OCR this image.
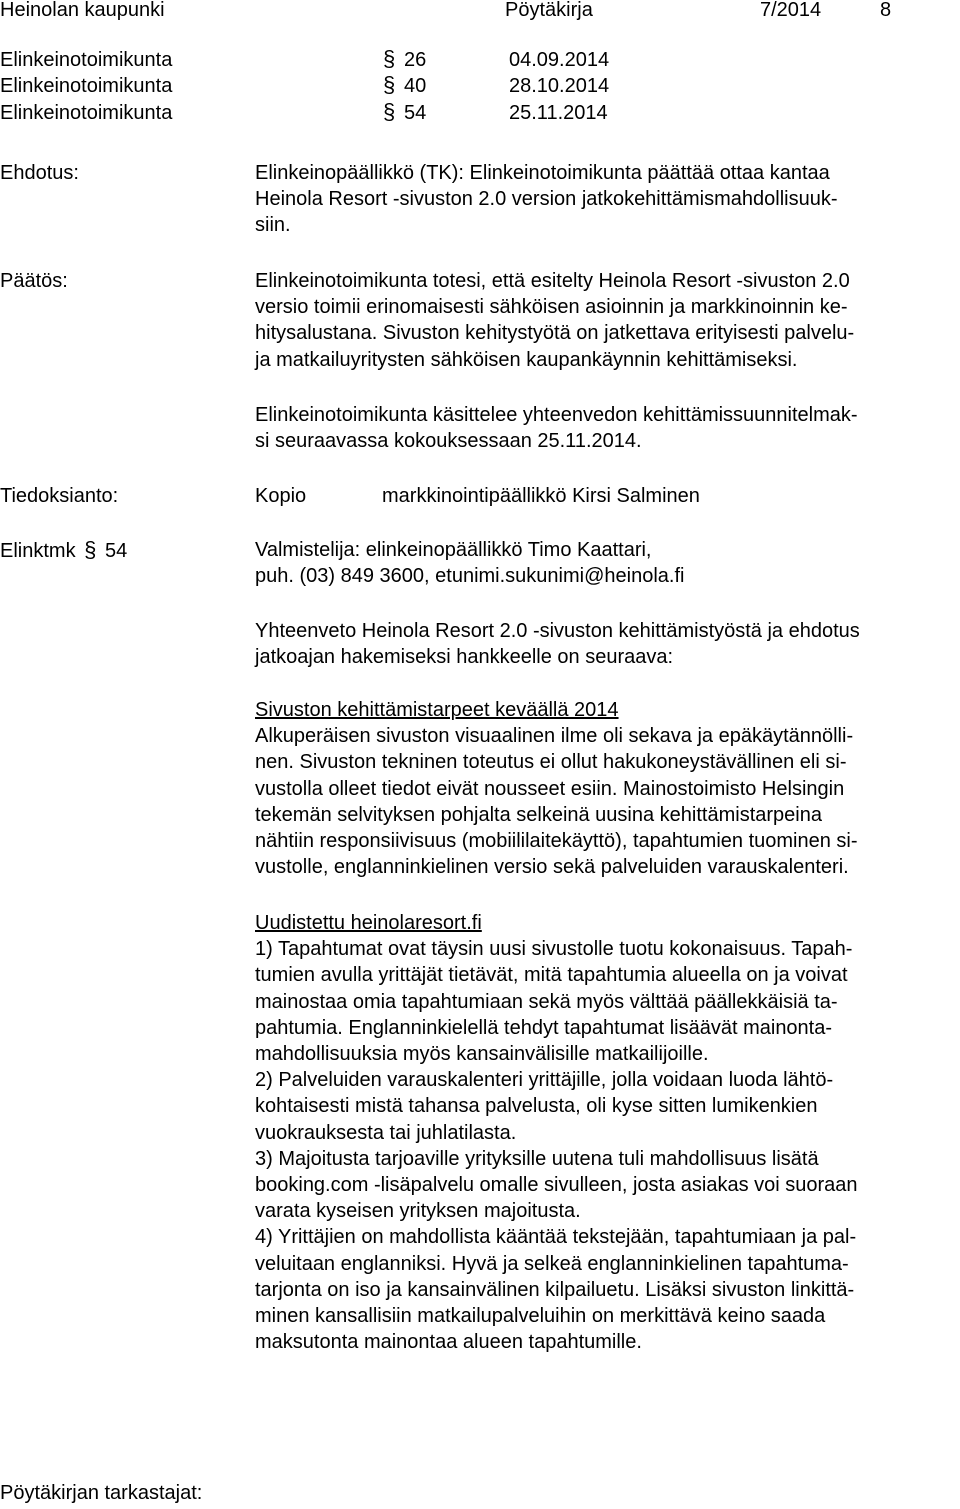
Heinolan kaupunki	Pöytäkirja	7/2014	8
Elinkeinotoimikunta	§ 26	04.09.2014
Elinkeinotoimikunta	§ 40	28.10.2014
Elinkeinotoimikunta	§ 54	25.11.2014
Ehdotus:	Elinkeinopäällikkö (TK): Elinkeinotoimikunta päättää ottaa kantaa
Heinola Resort -sivuston 2.0 version jatkokehittämismahdollisuuk-
siin.
Päätös:	Elinkeinotoimikunta totesi, että esitelty Heinola Resort -sivuston 2.0
versio toimii erinomaisesti sähköisen asioinnin ja markkinoinnin ke-
hitysalustana. Sivuston kehitystyötä on jatkettava erityisesti palvelu-
ja matkailuyritysten sähköisen kaupankäynnin kehittämiseksi.
Elinkeinotoimikunta käsittelee yhteenvedon kehittämissuunnitelmak-
si seuraavassa kokouksessaan 25.11.2014.
Tiedoksianto:	Kopio	markkinointipäällikkö Kirsi Salminen
Elinktmk § 54	Valmistelija: elinkeinopäällikkö Timo Kaattari,
puh. (03) 849 3600, etunimi.sukunimi@heinola.fi
Yhteenveto Heinola Resort 2.0 -sivuston kehittämistyöstä ja ehdotus
jatkoajan hakemiseksi hankkeelle on seuraava:
Sivuston kehittämistarpeet keväällä 2014
Alkuperäisen sivuston visuaalinen ilme oli sekava ja epäkäytännölli-
nen. Sivuston tekninen toteutus ei ollut hakukoneystävällinen eli si-
vustolla olleet tiedot eivät nousseet esiin. Mainostoimisto Helsingin
tekemän selvityksen pohjalta selkeinä uusina kehittämistarpeina
nähtiin responsiivisuus (mobiililaitekäyttö), tapahtumien tuominen si-
vustolle, englanninkielinen versio sekä palveluiden varauskalenteri.
Uudistettu heinolaresort.fi
1) Tapahtumat ovat täysin uusi sivustolle tuotu kokonaisuus. Tapah-
tumien avulla yrittäjät tietävät, mitä tapahtumia alueella on ja voivat
mainostaa omia tapahtumiaan sekä myös välttää päällekkäisiä ta-
pahtumia. Englanninkielellä tehdyt tapahtumat lisäävät mainonta-
mahdollisuuksia myös kansainvälisille matkailijoille.
2) Palveluiden varauskalenteri yrittäjille, jolla voidaan luoda lähtö-
kohtaisesti mistä tahansa palvelusta, oli kyse sitten lumikenkien
vuokrauksesta tai juhlatilasta.
3) Majoitusta tarjoaville yrityksille uutena tuli mahdollisuus lisätä
booking.com -lisäpalvelu omalle sivulleen, josta asiakas voi suoraan
varata kyseisen yrityksen majoitusta.
4) Yrittäjien on mahdollista kääntää tekstejään, tapahtumiaan ja pal-
veluitaan englanniksi. Hyvä ja selkeä englanninkielinen tapahtuma-
tarjonta on iso ja kansainvälinen kilpailuetu. Lisäksi sivuston linkittä-
minen kansallisiin matkailupalveluihin on merkittävä keino saada
maksutonta mainontaa alueen tapahtumille.
Pöytäkirjan tarkastajat:
